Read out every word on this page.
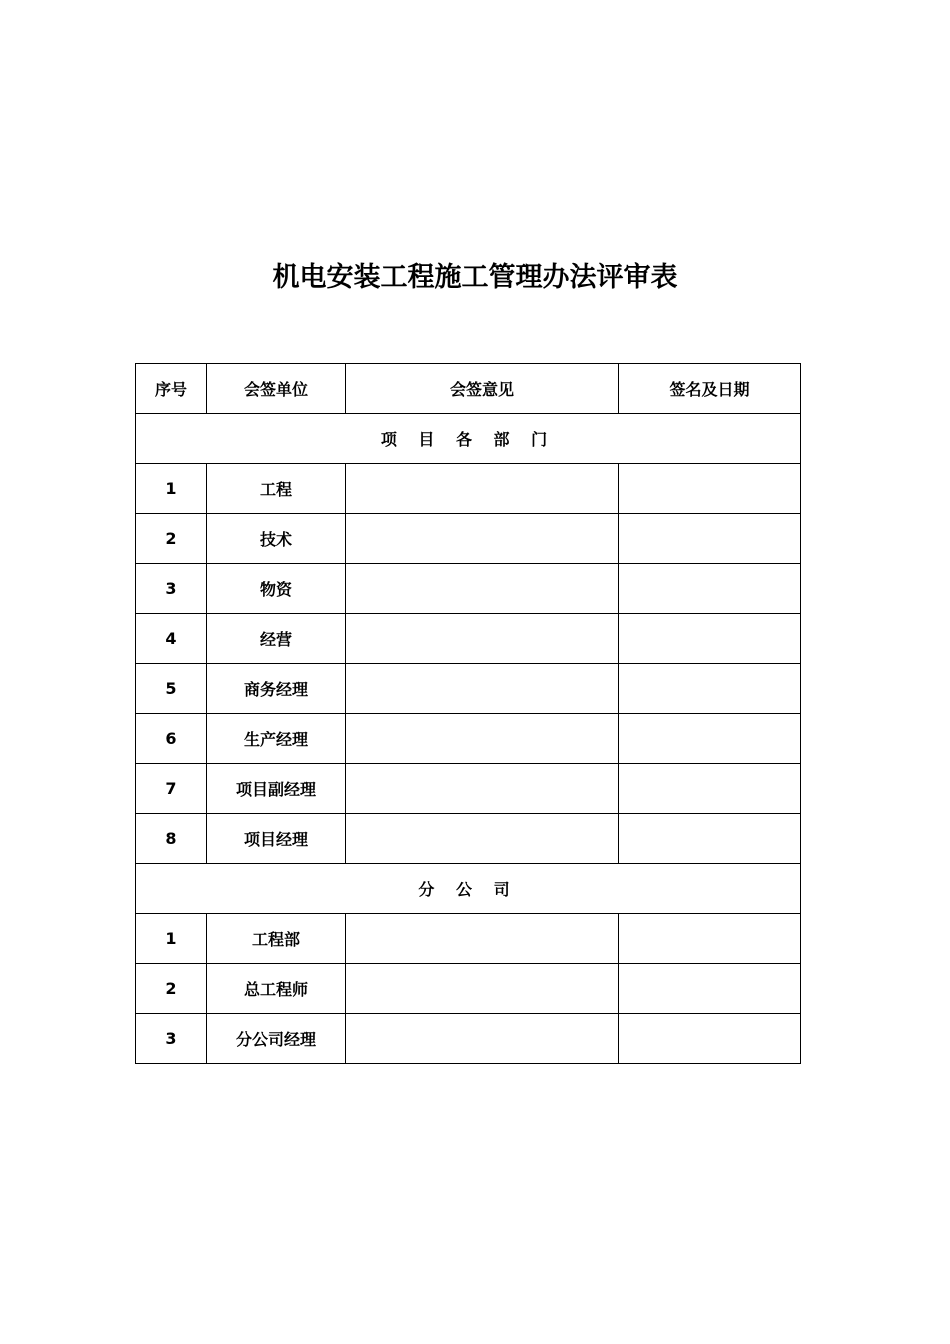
机电安装工程施工管理办法评审表
序号	会签单位	会签意见	签名及日期
项 目 各 部 门			
1	工程		
2	技术		
3	物资		
4	经营		
5	商务经理		
6	生产经理		
7	项目副经理		
8	项目经理		
分 公 司			
1	工程部		
2	总工程师		
3	分公司经理		
